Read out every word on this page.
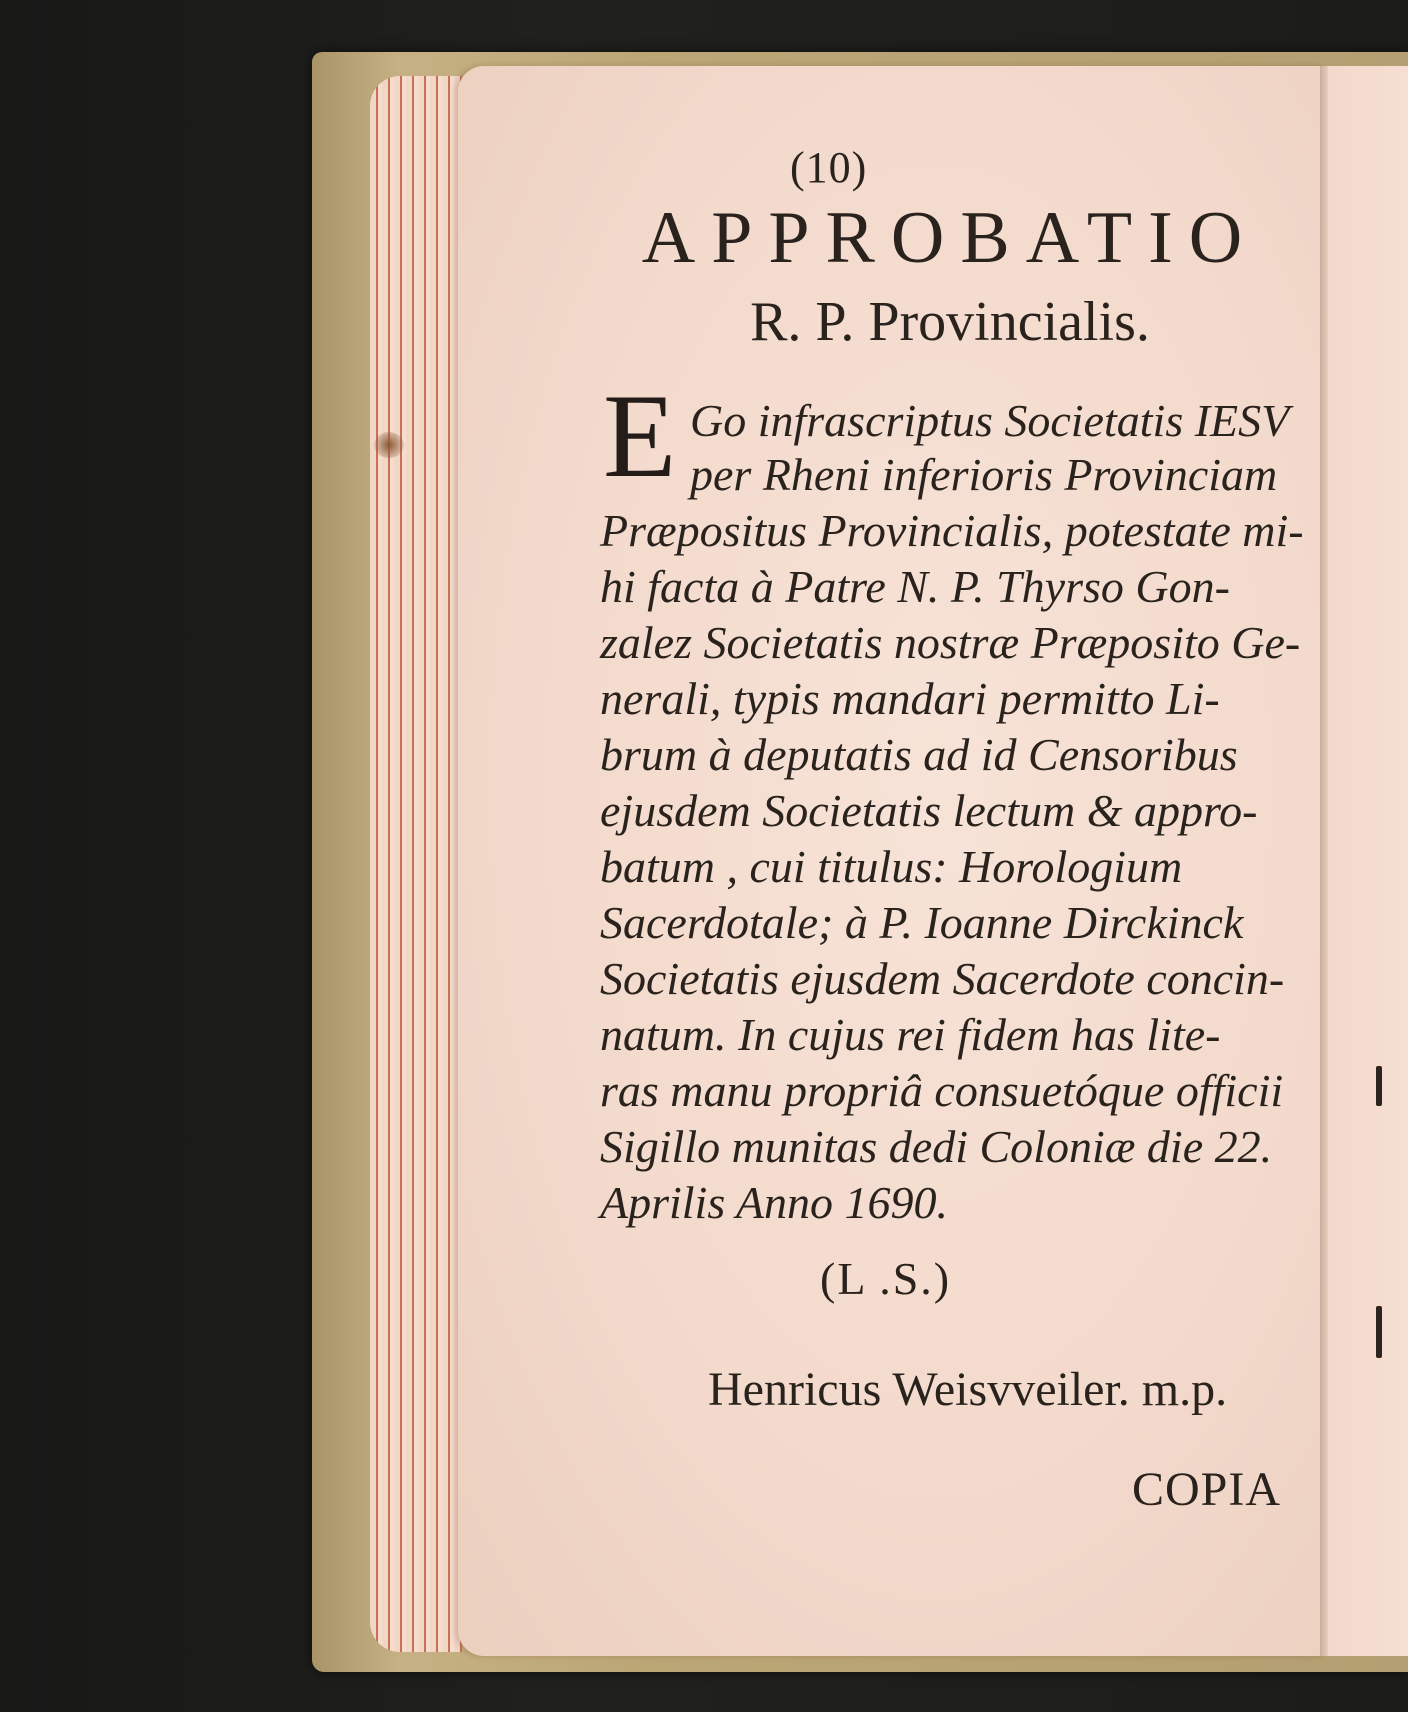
(10)
APPROBATIO
R. P. Provincialis.
E Go infrascriptus Societatis IESV
per Rheni inferioris Provinciam
Præpositus Provincialis, potestate mi-
hi facta à Patre N. P. Thyrso Gon-
zalez Societatis nostræ Præposito Ge-
nerali, typis mandari permitto Li-
brum à deputatis ad id Censoribus
ejusdem Societatis lectum & appro-
batum , cui titulus: Horologium
Sacerdotale; à P. Ioanne Dirckinck
Societatis ejusdem Sacerdote concin-
natum. In cujus rei fidem has lite-
ras manu propriâ consuetóque officii
Sigillo munitas dedi Coloniæ die 22.
Aprilis Anno 1690.
(L .S.)
Henricus Weisvveiler. m.p.
COPIA
